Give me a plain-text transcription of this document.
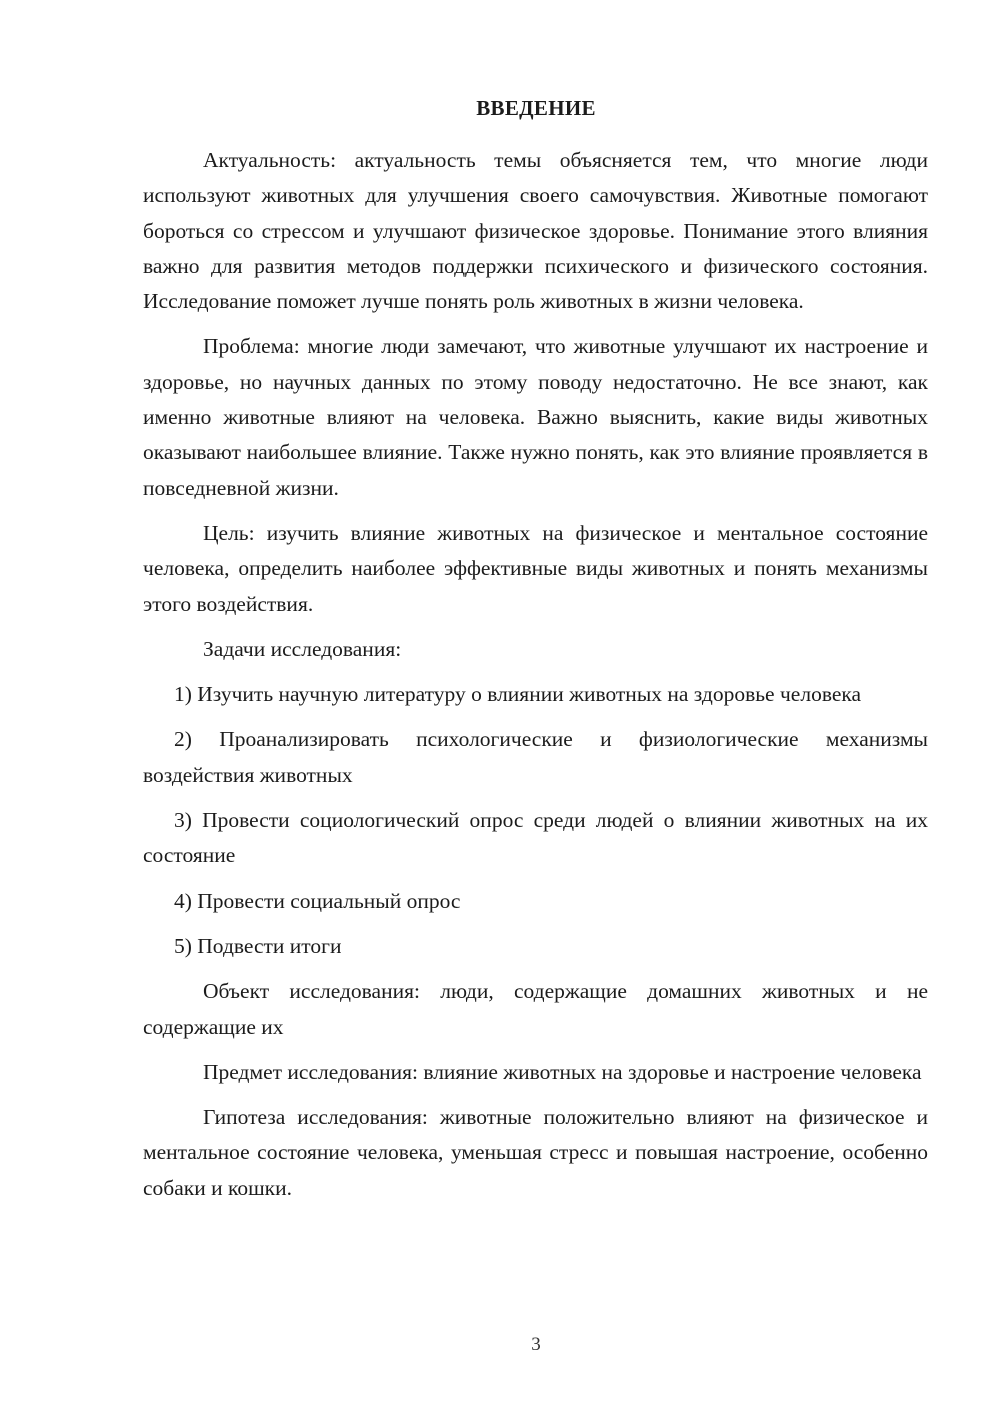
ВВЕДЕНИЕ

Актуальность: актуальность темы объясняется тем, что многие люди используют животных для улучшения своего самочувствия. Животные помогают бороться со стрессом и улучшают физическое здоровье. Понимание этого влияния важно для развития методов поддержки психического и физического состояния. Исследование поможет лучше понять роль животных в жизни человека.

Проблема: многие люди замечают, что животные улучшают их настроение и здоровье, но научных данных по этому поводу недостаточно. Не все знают, как именно животные влияют на человека. Важно выяснить, какие виды животных оказывают наибольшее влияние. Также нужно понять, как это влияние проявляется в повседневной жизни.

Цель: изучить влияние животных на физическое и ментальное состояние человека, определить наиболее эффективные виды животных и понять механизмы этого воздействия.

Задачи исследования:

1) Изучить научную литературу о влиянии животных на здоровье человека

2) Проанализировать психологические и физиологические механизмы воздействия животных

3) Провести социологический опрос среди людей о влиянии животных на их состояние

4) Провести социальный опрос

5) Подвести итоги

Объект исследования: люди, содержащие домашних животных и не содержащие их

Предмет исследования: влияние животных на здоровье и настроение человека

Гипотеза исследования: животные положительно влияют на физическое и ментальное состояние человека, уменьшая стресс и повышая настроение, особенно собаки и кошки.

3
